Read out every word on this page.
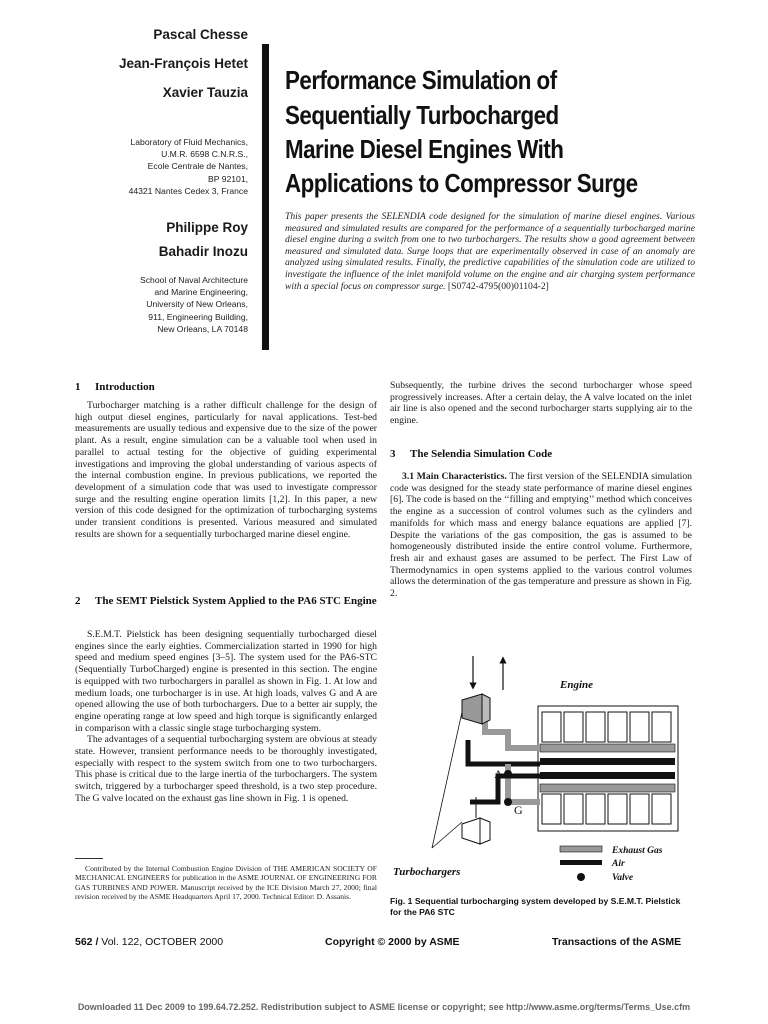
Pascal Chesse
Jean-François Hetet
Xavier Tauzia
Laboratory of Fluid Mechanics,
U.M.R. 6598 C.N.R.S.,
Ecole Centrale de Nantes,
BP 92101,
44321 Nantes Cedex 3, France
Philippe Roy
Bahadir Inozu
School of Naval Architecture
and Marine Engineering,
University of New Orleans,
911, Engineering Building,
New Orleans, LA 70148
Performance Simulation of
Sequentially Turbocharged
Marine Diesel Engines With
Applications to Compressor Surge
This paper presents the SELENDIA code designed for the simulation of marine diesel engines. Various measured and simulated results are compared for the performance of a sequentially turbocharged marine diesel engine during a switch from one to two turbochargers. The results show a good agreement between measured and simulated data. Surge loops that are experimentally observed in case of an anomaly are analyzed using simulated results. Finally, the predictive capabilities of the simulation code are utilized to investigate the influence of the inlet manifold volume on the engine and air charging system performance with a special focus on compressor surge. [S0742-4795(00)01104-2]
1 Introduction

Turbocharger matching is a rather difficult challenge for the design of high output diesel engines, particularly for naval applications. Test-bed measurements are usually tedious and expensive due to the size of the power plant. As a result, engine simulation can be a valuable tool when used in parallel to actual testing for the objective of guiding experimental investigations and improving the global understanding of various aspects of the internal combustion engine. In previous publications, we reported the development of a simulation code that was used to investigate compressor surge and the resulting engine operation limits [1,2]. In this paper, a new version of this code designed for the optimization of turbocharging systems under transient conditions is presented. Various measured and simulated results are shown for a sequentially turbocharged marine diesel engine.

2 The SEMT Pielstick System Applied to the PA6 STC Engine

S.E.M.T. Pielstick has been designing sequentially turbocharged diesel engines since the early eighties. Commercialization started in 1990 for high speed and medium speed engines [3–5]. The system used for the PA6-STC (Sequentially TurboCharged) engine is presented in this section. The engine is equipped with two turbochargers in parallel as shown in Fig. 1. At low and medium loads, one turbocharger is in use. At high loads, valves G and A are opened allowing the use of both turbochargers. Due to a better air supply, the engine operating range at low speed and high torque is significantly enlarged in comparison with a classic single stage turbocharging system.

The advantages of a sequential turbocharging system are obvious at steady state. However, transient performance needs to be thoroughly investigated, especially with respect to the system switch from one to two turbochargers. This phase is critical due to the large inertia of the turbochargers. The system switch, triggered by a turbocharger speed threshold, is a two step procedure. The G valve located on the exhaust gas line shown in Fig. 1 is opened.

Contributed by the Internal Combustion Engine Division of THE AMERICAN SOCIETY OF MECHANICAL ENGINEERS for publication in the ASME JOURNAL OF ENGINEERING FOR GAS TURBINES AND POWER. Manuscript received by the ICE Division March 27, 2000; final revision received by the ASME Headquarters April 17, 2000. Technical Editor: D. Assanis.

Subsequently, the turbine drives the second turbocharger whose speed progressively increases. After a certain delay, the A valve located on the inlet air line is also opened and the second turbocharger starts supplying air to the engine.

3 The Selendia Simulation Code

3.1 Main Characteristics. The first version of the SELENDIA simulation code was designed for the steady state performance of marine diesel engines [6]. The code is based on the ‘‘filling and emptying’’ method which conceives the engine as a succession of control volumes such as the cylinders and manifolds for which mass and energy balance equations are applied [7]. Despite the variations of the gas composition, the gas is assumed to be homogeneously distributed inside the entire control volume. Furthermore, fresh air and exhaust gases are assumed to be perfect. The First Law of Thermodynamics in open systems applied to the various control volumes allows the determination of the gas temperature and pressure as shown in Fig. 2.

A
G
Engine
Turbochargers
Exhaust Gas
Air
Valve
Fig. 1 Sequential turbocharging system developed by S.E.M.T. Pielstick for the PA6 STC
562 / Vol. 122, OCTOBER 2000	Copyright © 2000 by ASME	Transactions of the ASME
Downloaded 11 Dec 2009 to 199.64.72.252. Redistribution subject to ASME license or copyright; see http://www.asme.org/terms/Terms_Use.cfm
